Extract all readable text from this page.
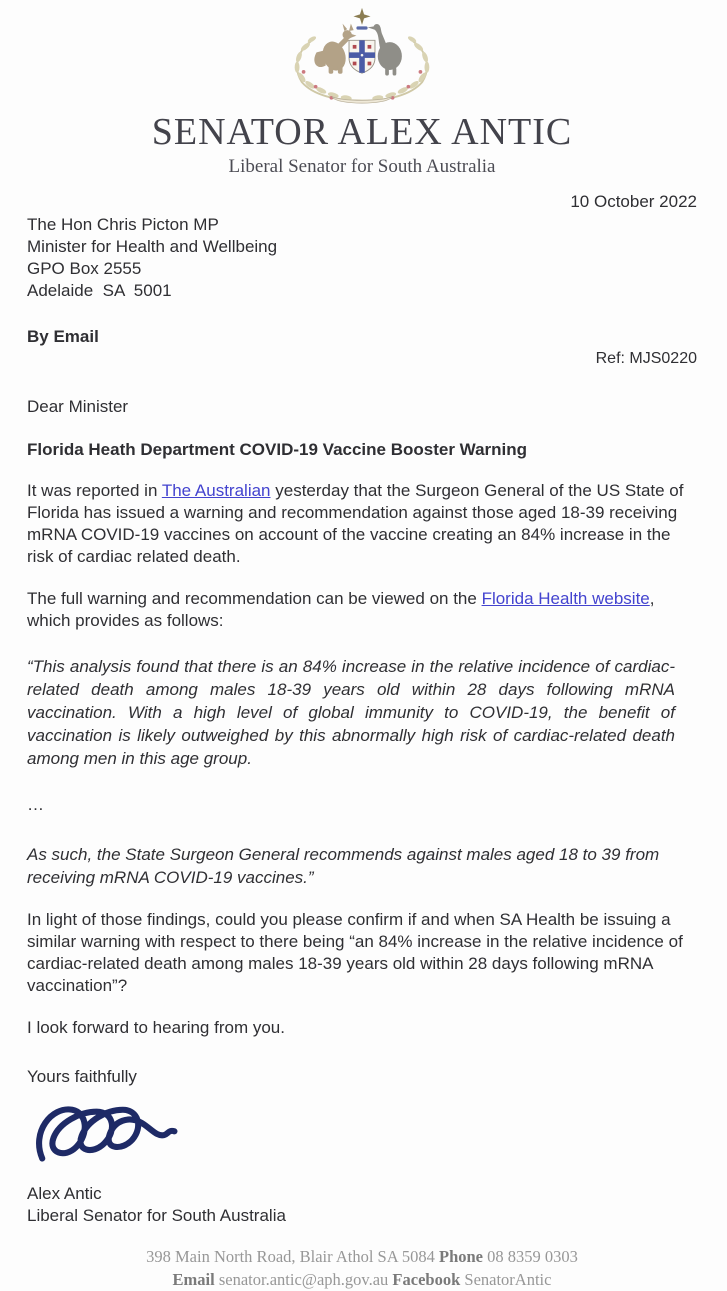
SENATOR ALEX ANTIC
Liberal Senator for South Australia
10 October 2022
The Hon Chris Picton MP
Minister for Health and Wellbeing
GPO Box 2555
Adelaide  SA  5001
By Email
Ref: MJS0220
Dear Minister
Florida Heath Department COVID-19 Vaccine Booster Warning

It was reported in The Australian yesterday that the Surgeon General of the US State of Florida has issued a warning and recommendation against those aged 18-39 receiving mRNA COVID-19 vaccines on account of the vaccine creating an 84% increase in the risk of cardiac related death.

The full warning and recommendation can be viewed on the Florida Health website, which provides as follows:

“This analysis found that there is an 84% increase in the relative incidence of cardiac-related death among males 18-39 years old within 28 days following mRNA vaccination. With a high level of global immunity to COVID-19, the benefit of vaccination is likely outweighed by this abnormally high risk of cardiac-related death among men in this age group.

…

As such, the State Surgeon General recommends against males aged 18 to 39 from receiving mRNA COVID-19 vaccines.”

In light of those findings, could you please confirm if and when SA Health be issuing a similar warning with respect to there being “an 84% increase in the relative incidence of cardiac-related death among males 18-39 years old within 28 days following mRNA vaccination”?

I look forward to hearing from you.

Yours faithfully

Alex Antic
Liberal Senator for South Australia
398 Main North Road, Blair Athol SA 5084 Phone 08 8359 0303
Email senator.antic@aph.gov.au Facebook SenatorAntic
